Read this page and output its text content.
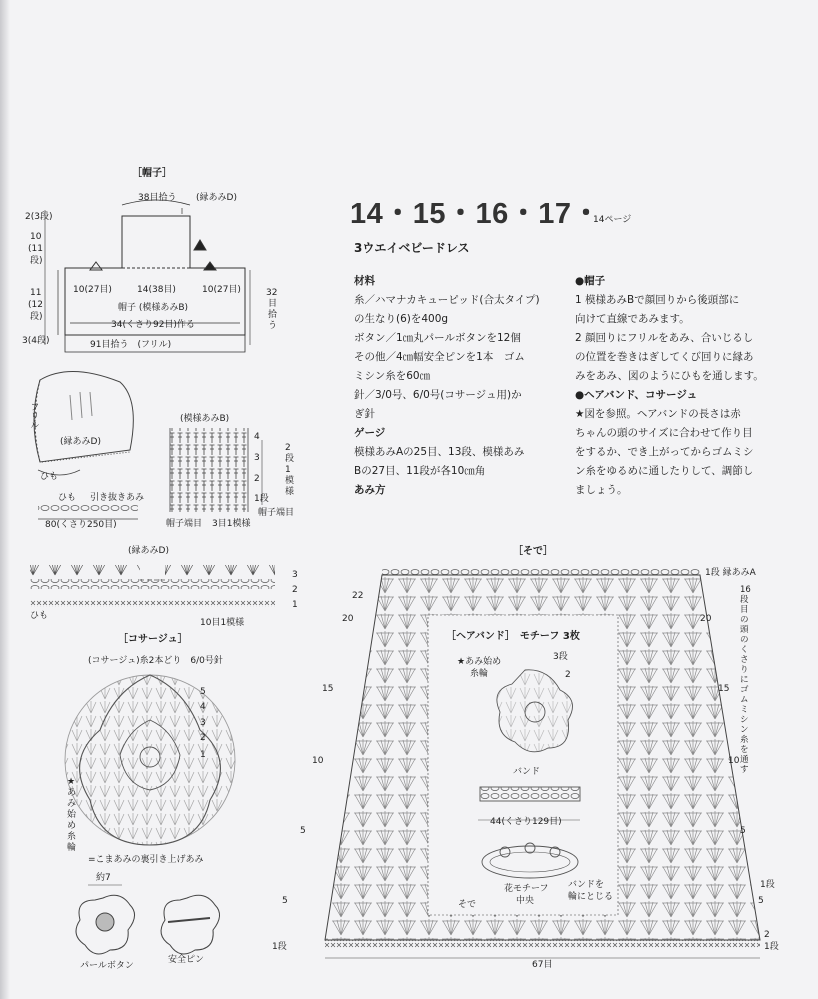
14・15・16・17・
14ページ
3ウエイベビードレス

材料

糸／ハマナカキューピッド(合太タイプ)

の生なり(6)を400g

ボタン／1㎝丸パールボタンを12個

その他／4㎝幅安全ピンを1本　ゴム

ミシン糸を60㎝

針／3/0号、6/0号(コサージュ用)か

ぎ針

ゲージ

模様あみAの25目、13段、模様あみ

Bの27目、11段が各10㎝角

あみ方

●帽子

1 模様あみBで顔回りから後頭部に

向けて直線であみます。

2 顔回りにフリルをあみ、合いじるし

の位置を巻きはぎしてくび回りに縁あ

みをあみ、図のようにひもを通します。

●ヘアバンド、コサージュ

★図を参照。ヘアバンドの長さは赤

ちゃんの頭のサイズに合わせて作り目

をするか、でき上がってからゴムミシ

ン糸をゆるめに通したりして、調節し

ましょう。

［帽子］
38目拾う (縁あみD)
2(3段)
10
(11
段)
11
(12
段)
3(4段)
10(27目)	14(38目)	10(27目)
帽子 (模様あみB)
34(くさり92目)作る
32
目
拾
う
91目拾う　(フリル)
フリル
(縁あみD)
ひも
ひも 引き抜きあみ
80(くさり250目)
(模様あみB)
4
3
2
1段
2
段
1
模
様
帽子端目
帽子端目 3目1模様
(縁あみD)
3
2
1
ひも
10目1模様
［コサージュ］
(コサージュ)糸2本どり　6/0号針
5
4
3
2
1
★
あ
み
始
め
糸
輪
=こまあみの裏引き上げあみ
約7
パールボタン
安全ピン
［そで］
1段 縁あみA
22
20
15
10
5
5
1段
20
15
10
5
1段
5
2
1段
16段目の頭のくさりにゴムミシン糸を通す
67目
そで
［ヘアバンド］　モチーフ 3枚
★あみ始め
糸輪
3段
2
バンド
44(くさり129目)
花モチーフ
中央
バンドを
輪にとじる
